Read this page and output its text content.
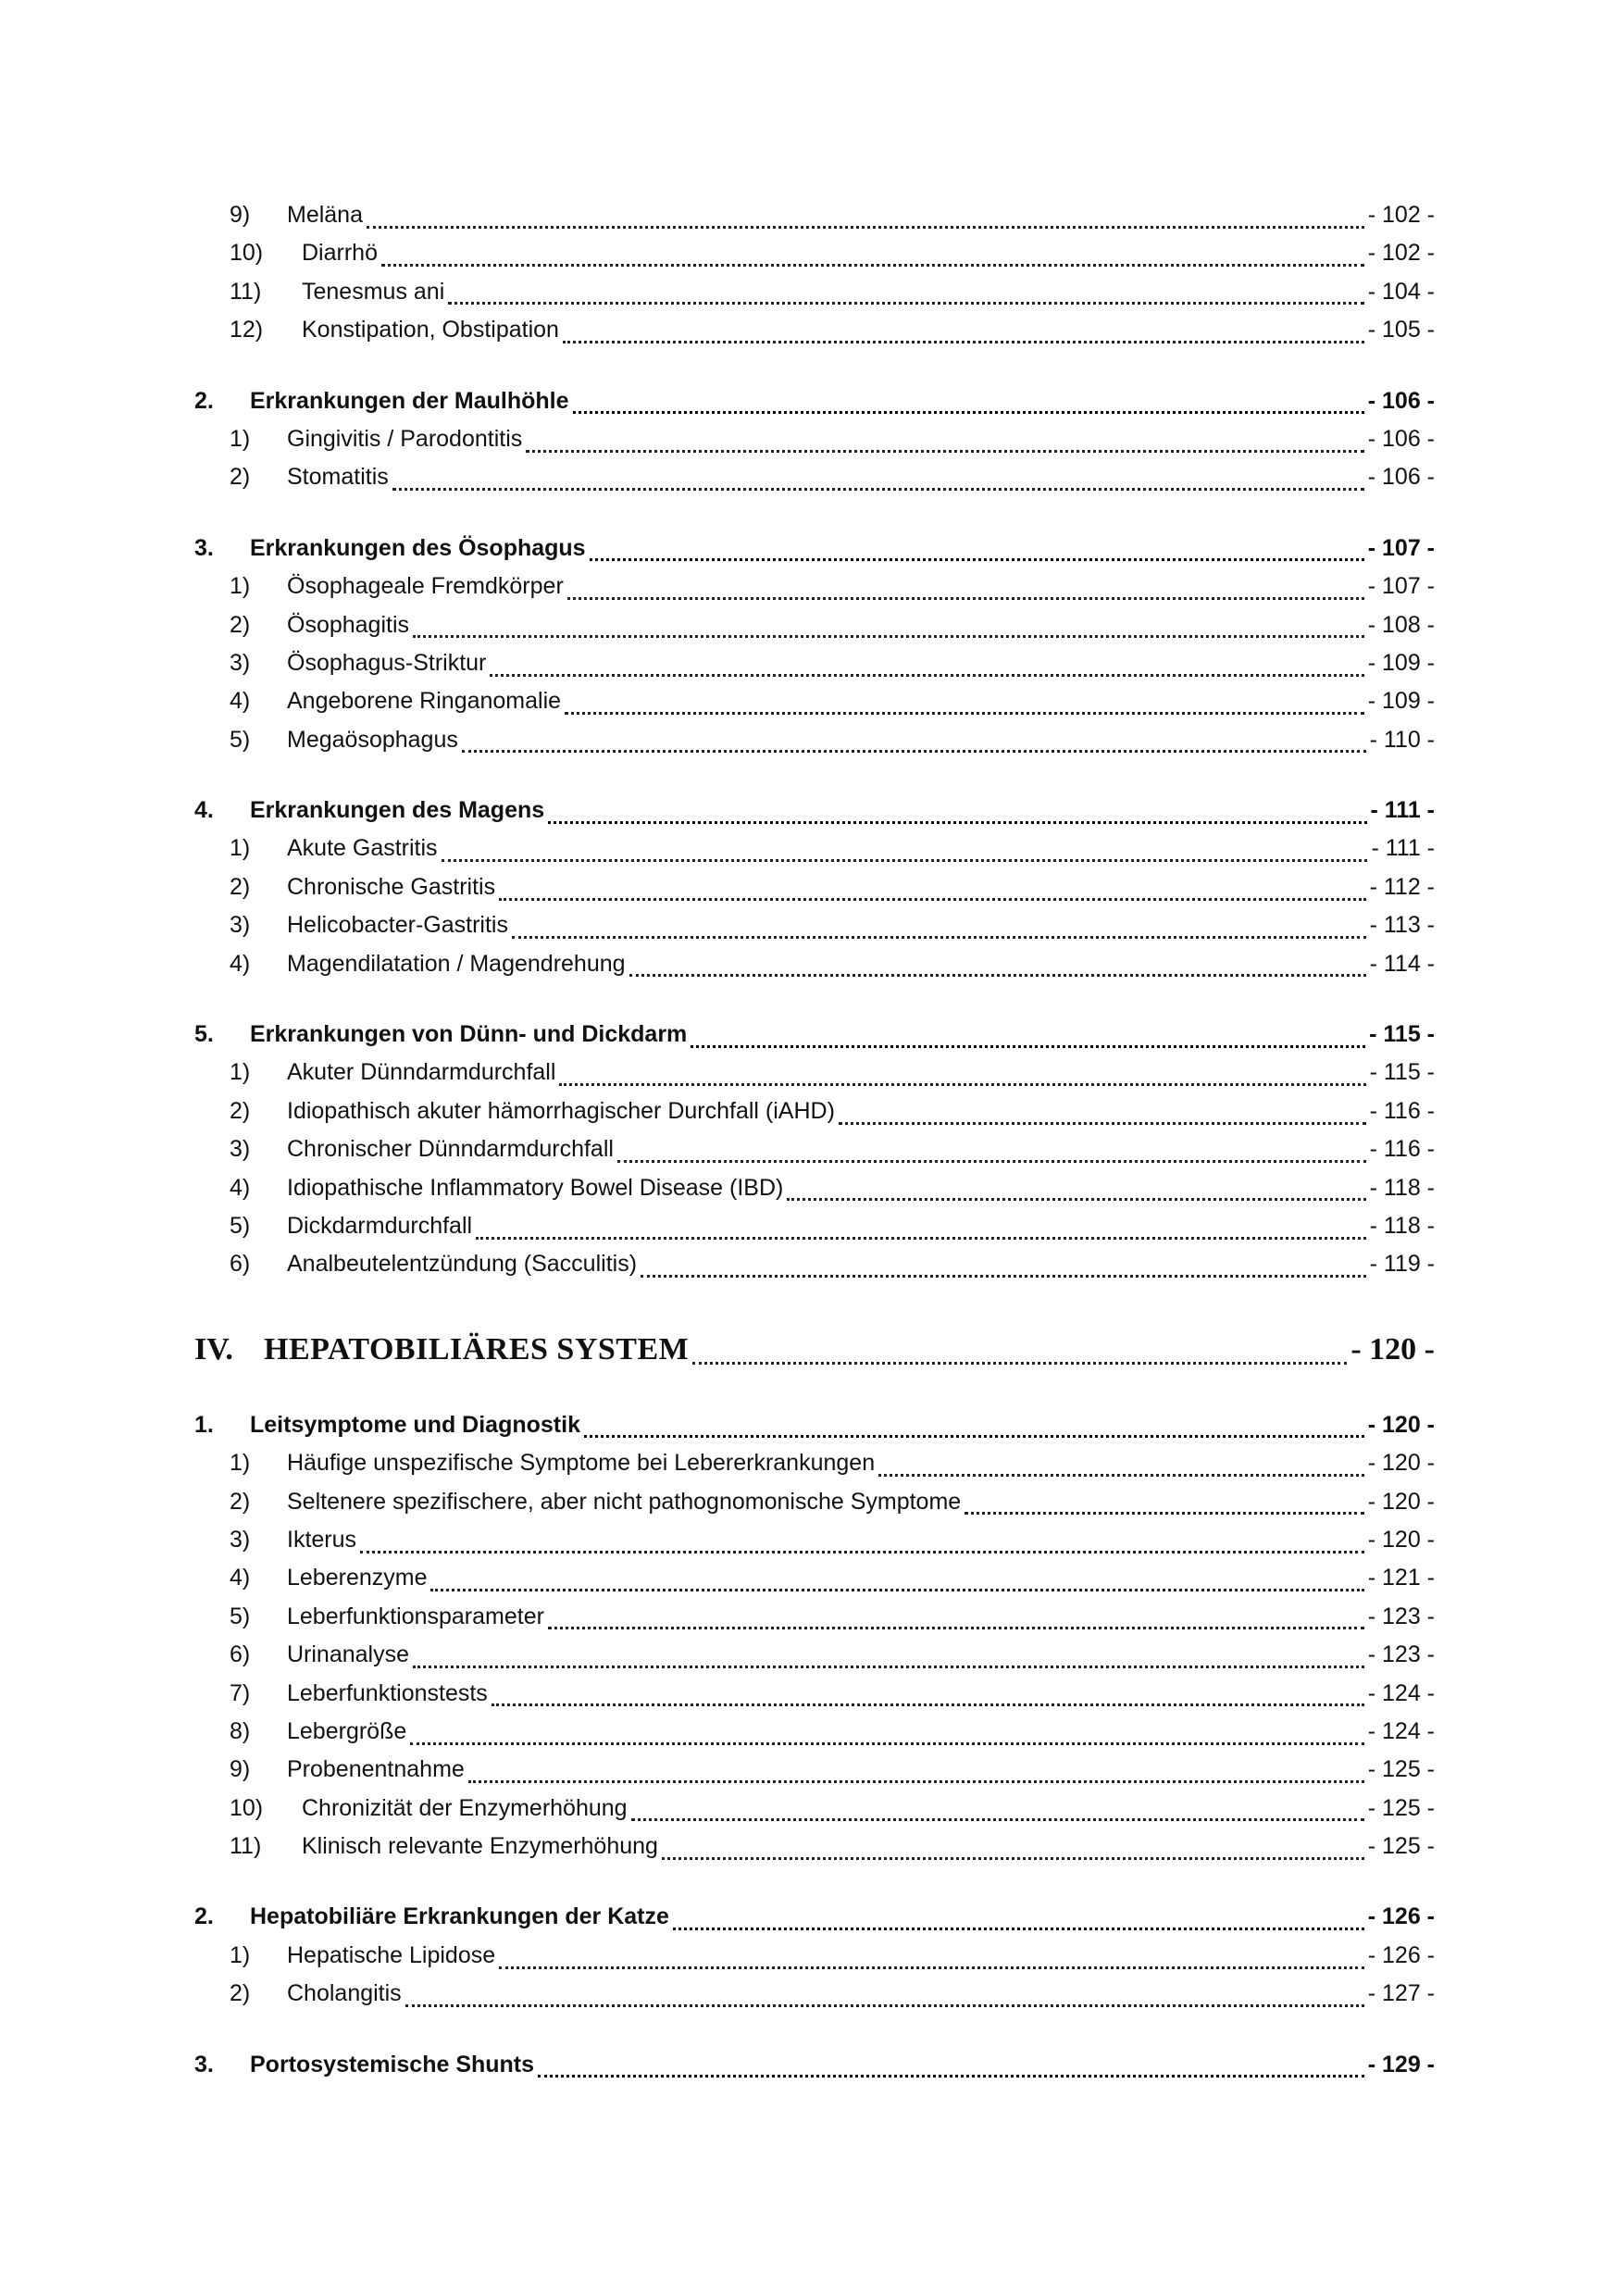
9)	Meläna	- 102 -
10)	Diarrhö	- 102 -
11)	Tenesmus ani	- 104 -
12)	Konstipation, Obstipation	- 105 -
2.	Erkrankungen der Maulhöhle	- 106 -
1)	Gingivitis / Parodontitis	- 106 -
2)	Stomatitis	- 106 -
3.	Erkrankungen des Ösophagus	- 107 -
1)	Ösophageale Fremdkörper	- 107 -
2)	Ösophagitis	- 108 -
3)	Ösophagus-Striktur	- 109 -
4)	Angeborene Ringanomalie	- 109 -
5)	Megaösophagus	- 110 -
4.	Erkrankungen des Magens	- 111 -
1)	Akute Gastritis	- 111 -
2)	Chronische Gastritis	- 112 -
3)	Helicobacter-Gastritis	- 113 -
4)	Magendilatation / Magendrehung	- 114 -
5.	Erkrankungen von Dünn- und Dickdarm	- 115 -
1)	Akuter Dünndarmdurchfall	- 115 -
2)	Idiopathisch akuter hämorrhagischer Durchfall (iAHD)	- 116 -
3)	Chronischer Dünndarmdurchfall	- 116 -
4)	Idiopathische Inflammatory Bowel Disease (IBD)	- 118 -
5)	Dickdarmdurchfall	- 118 -
6)	Analbeutelentzündung (Sacculitis)	- 119 -
IV. HEPATOBILIÄRES SYSTEM	- 120 -
1.	Leitsymptome und Diagnostik	- 120 -
1)	Häufige unspezifische Symptome bei Lebererkrankungen	- 120 -
2)	Seltenere spezifischere, aber nicht pathognomonische Symptome	- 120 -
3)	Ikterus	- 120 -
4)	Leberenzyme	- 121 -
5)	Leberfunktionsparameter	- 123 -
6)	Urinanalyse	- 123 -
7)	Leberfunktionstests	- 124 -
8)	Lebergröße	- 124 -
9)	Probenentnahme	- 125 -
10)	Chronizität der Enzymerhöhung	- 125 -
11)	Klinisch relevante Enzymerhöhung	- 125 -
2.	Hepatobiliäre Erkrankungen der Katze	- 126 -
1)	Hepatische Lipidose	- 126 -
2)	Cholangitis	- 127 -
3.	Portosystemische Shunts	- 129 -
